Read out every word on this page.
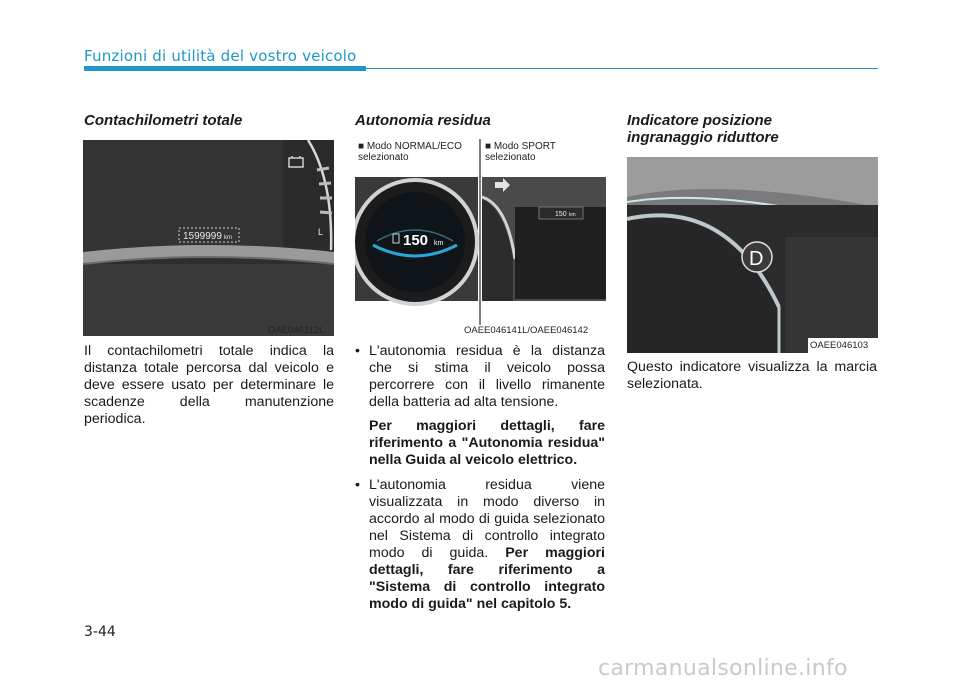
Funzioni di utilità del vostro veicolo
Contachilometri totale
1599999 km
L
OAE046112L

Il contachilometri totale indica la distanza totale percorsa dal veicolo e deve essere usato per determinare le scadenze della manutenzione periodica.

Autonomia residua
150 km
150 km
■ Modo NORMAL/ECO selezionato
■ Modo SPORT selezionato
OAEE046141L/OAEE046142
• L'autonomia residua è la distanza che si stima il veicolo possa percorrere con il livello rimanente della batteria ad alta tensione.
Per maggiori dettagli, fare riferimento a "Autonomia residua" nella Guida al veicolo elettrico.
• L'autonomia residua viene visualizzata in modo diverso in accordo al modo di guida selezionato nel Sistema di controllo integrato modo di guida. Per maggiori dettagli, fare riferimento a "Sistema di controllo integrato modo di guida" nel capitolo 5.
Indicatore posizione ingranaggio riduttore
D
OAEE046103

Questo indicatore visualizza la marcia selezionata.

3-44
carmanualsonline.info
